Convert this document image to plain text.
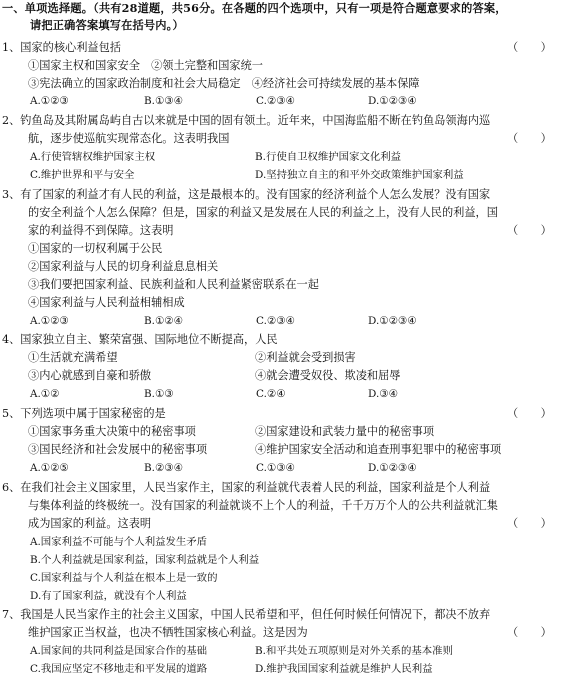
一、单项选择题。（共有28道题，共56分。在各题的四个选项中，只有一项是符合题意要求的答案，
请把正确答案填写在括号内。）
1、国家的核心利益包括	（　　）
①国家主权和国家安全　②领土完整和国家统一
③宪法确立的国家政治制度和社会大局稳定　④经济社会可持续发展的基本保障
A.①②③	B.①③④	C.②③④	D.①②③④
2、钓鱼岛及其附属岛屿自古以来就是中国的固有领土。近年来，中国海监船不断在钓鱼岛领海内巡
航，逐步使巡航实现常态化。这表明我国	（　　）
A.行使管辖权维护国家主权	B.行使自卫权维护国家文化利益
C.维护世界和平与安全	D.坚持独立自主的和平外交政策维护国家利益
3、有了国家的利益才有人民的利益，这是最根本的。没有国家的经济利益个人怎么发展？没有国家
的安全利益个人怎么保障？但是，国家的利益又是发展在人民的利益之上，没有人民的利益，国
家的利益得不到保障。这表明	（　　）
①国家的一切权利属于公民
②国家利益与人民的切身利益息息相关
③我们要把国家利益、民族利益和人民利益紧密联系在一起
④国家利益与人民利益相辅相成
A.①②③	B.①②④	C.②③④	D.①②③④
4、国家独立自主、繁荣富强、国际地位不断提高，人民
①生活就充满希望	②利益就会受到损害
③内心就感到自豪和骄傲	④就会遭受奴役、欺凌和屈辱
A.①②	B.①③	C.②④	D.③④
5、下列选项中属于国家秘密的是	（　　）
①国家事务重大决策中的秘密事项	②国家建设和武装力量中的秘密事项
③国民经济和社会发展中的秘密事项	④维护国家安全活动和追查刑事犯罪中的秘密事项
A.①②⑤	B.②③④	C.①③④	D.①②③④
6、在我们社会主义国家里，人民当家作主，国家的利益就代表着人民的利益，国家利益是个人利益
与集体利益的终极统一。没有国家的利益就谈不上个人的利益，千千万万个人的公共利益就汇集
成为国家的利益。这表明	（　　）
A.国家利益不可能与个人利益发生矛盾
B.个人利益就是国家利益，国家利益就是个人利益
C.国家利益与个人利益在根本上是一致的
D.有了国家利益，就没有个人利益
7、我国是人民当家作主的社会主义国家，中国人民希望和平，但任何时候任何情况下，都决不放弃
维护国家正当权益，也决不牺牲国家核心利益。这是因为	（　　）
A.国家间的共同利益是国家合作的基础	B.和平共处五项原则是对外关系的基本准则
C.我国应坚定不移地走和平发展的道路	D.维护我国国家利益就是维护人民利益
